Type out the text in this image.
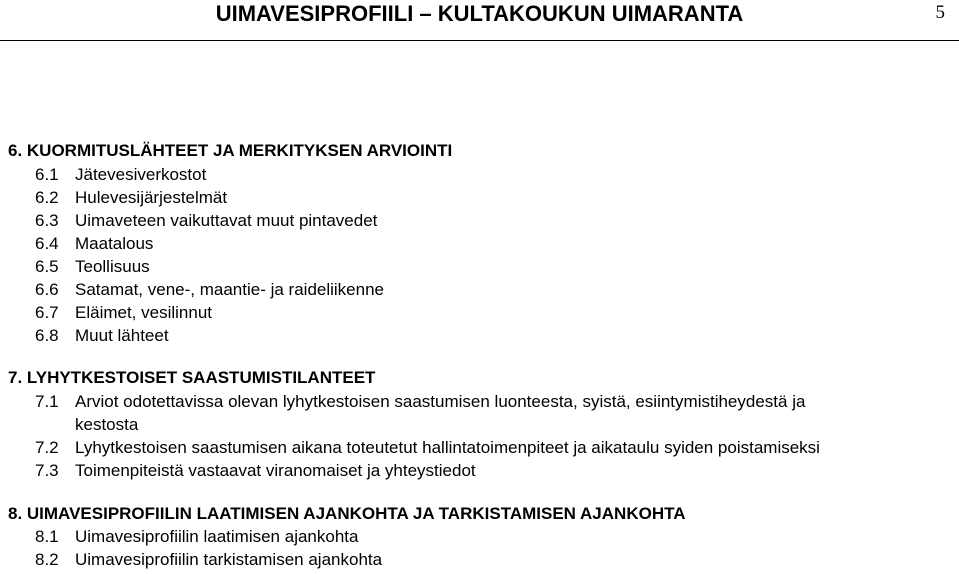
UIMAVESIPROFIILI – KULTAKOUKUN UIMARANTA	5
6. KUORMITUSLÄHTEET JA MERKITYKSEN ARVIOINTI
6.1 Jätevesiverkostot
6.2 Hulevesijärjestelmät
6.3 Uimaveteen vaikuttavat muut pintavedet
6.4 Maatalous
6.5 Teollisuus
6.6 Satamat, vene-, maantie- ja raideliikenne
6.7 Eläimet, vesilinnut
6.8 Muut lähteet
7. LYHYTKESTOISET SAASTUMISTILANTEET
7.1 Arviot odotettavissa olevan lyhytkestoisen saastumisen luonteesta, syistä, esiintymistiheydestä ja
kestosta
7.2 Lyhytkestoisen saastumisen aikana toteutetut hallintatoimenpiteet ja aikataulu syiden poistamiseksi
7.3 Toimenpiteistä vastaavat viranomaiset ja yhteystiedot
8. UIMAVESIPROFIILIN LAATIMISEN AJANKOHTA JA TARKISTAMISEN AJANKOHTA
8.1 Uimavesiprofiilin laatimisen ajankohta
8.2 Uimavesiprofiilin tarkistamisen ajankohta
